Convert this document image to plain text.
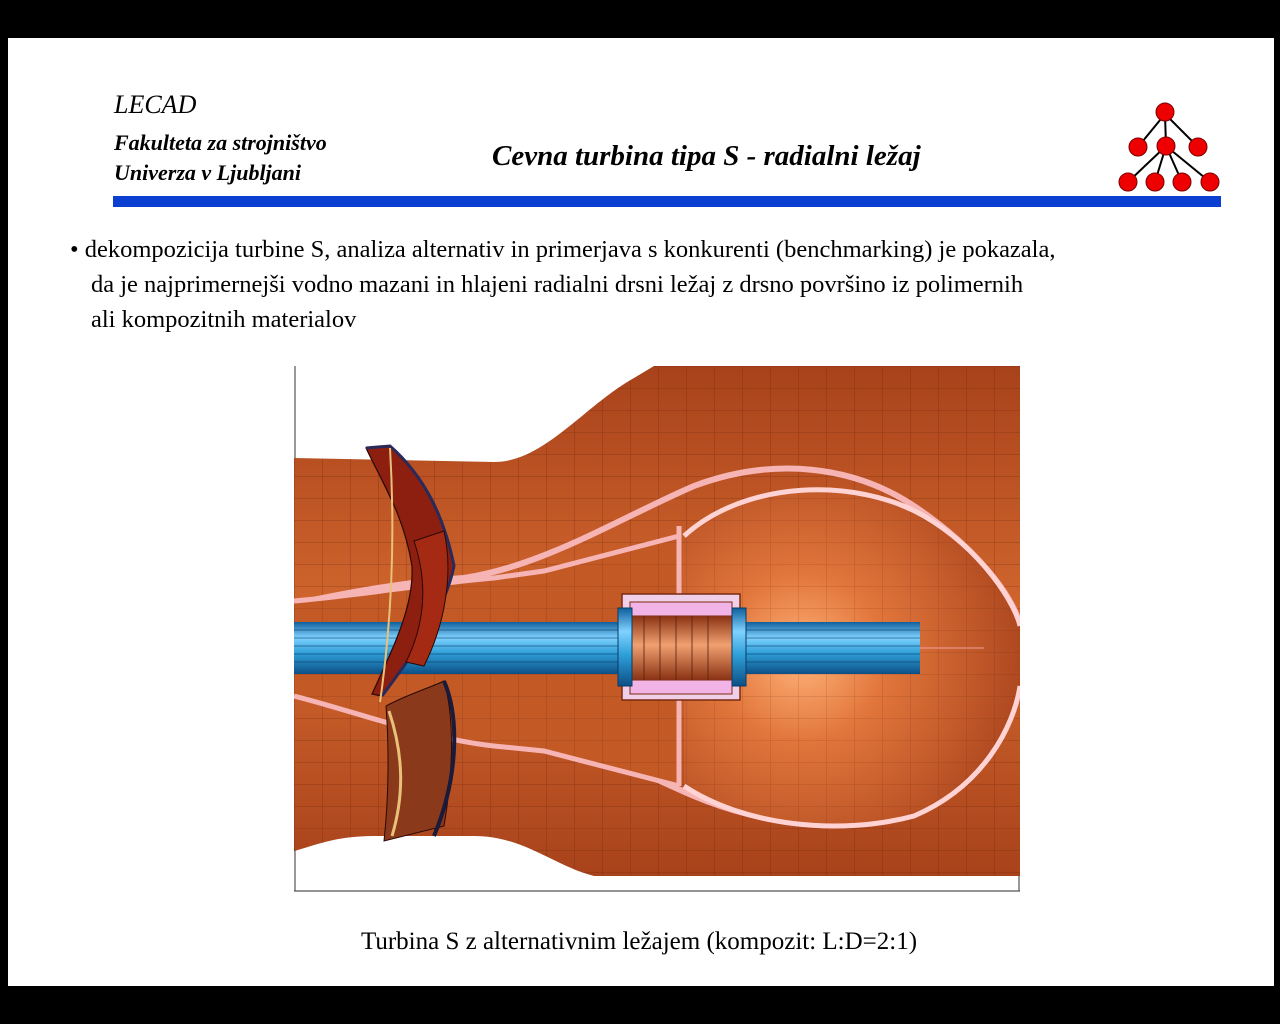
LECAD
Fakulteta za strojništvo
Univerza v Ljubljani
Cevna turbina tipa S - radialni ležaj
• dekompozicija turbine S, analiza alternativ in primerjava s konkurenti (benchmarking) je pokazala,
da je najprimernejši vodno mazani in hlajeni radialni drsni ležaj z drsno površino iz polimernih
ali kompozitnih materialov
Turbina S z alternativnim ležajem (kompozit: L:D=2:1)
